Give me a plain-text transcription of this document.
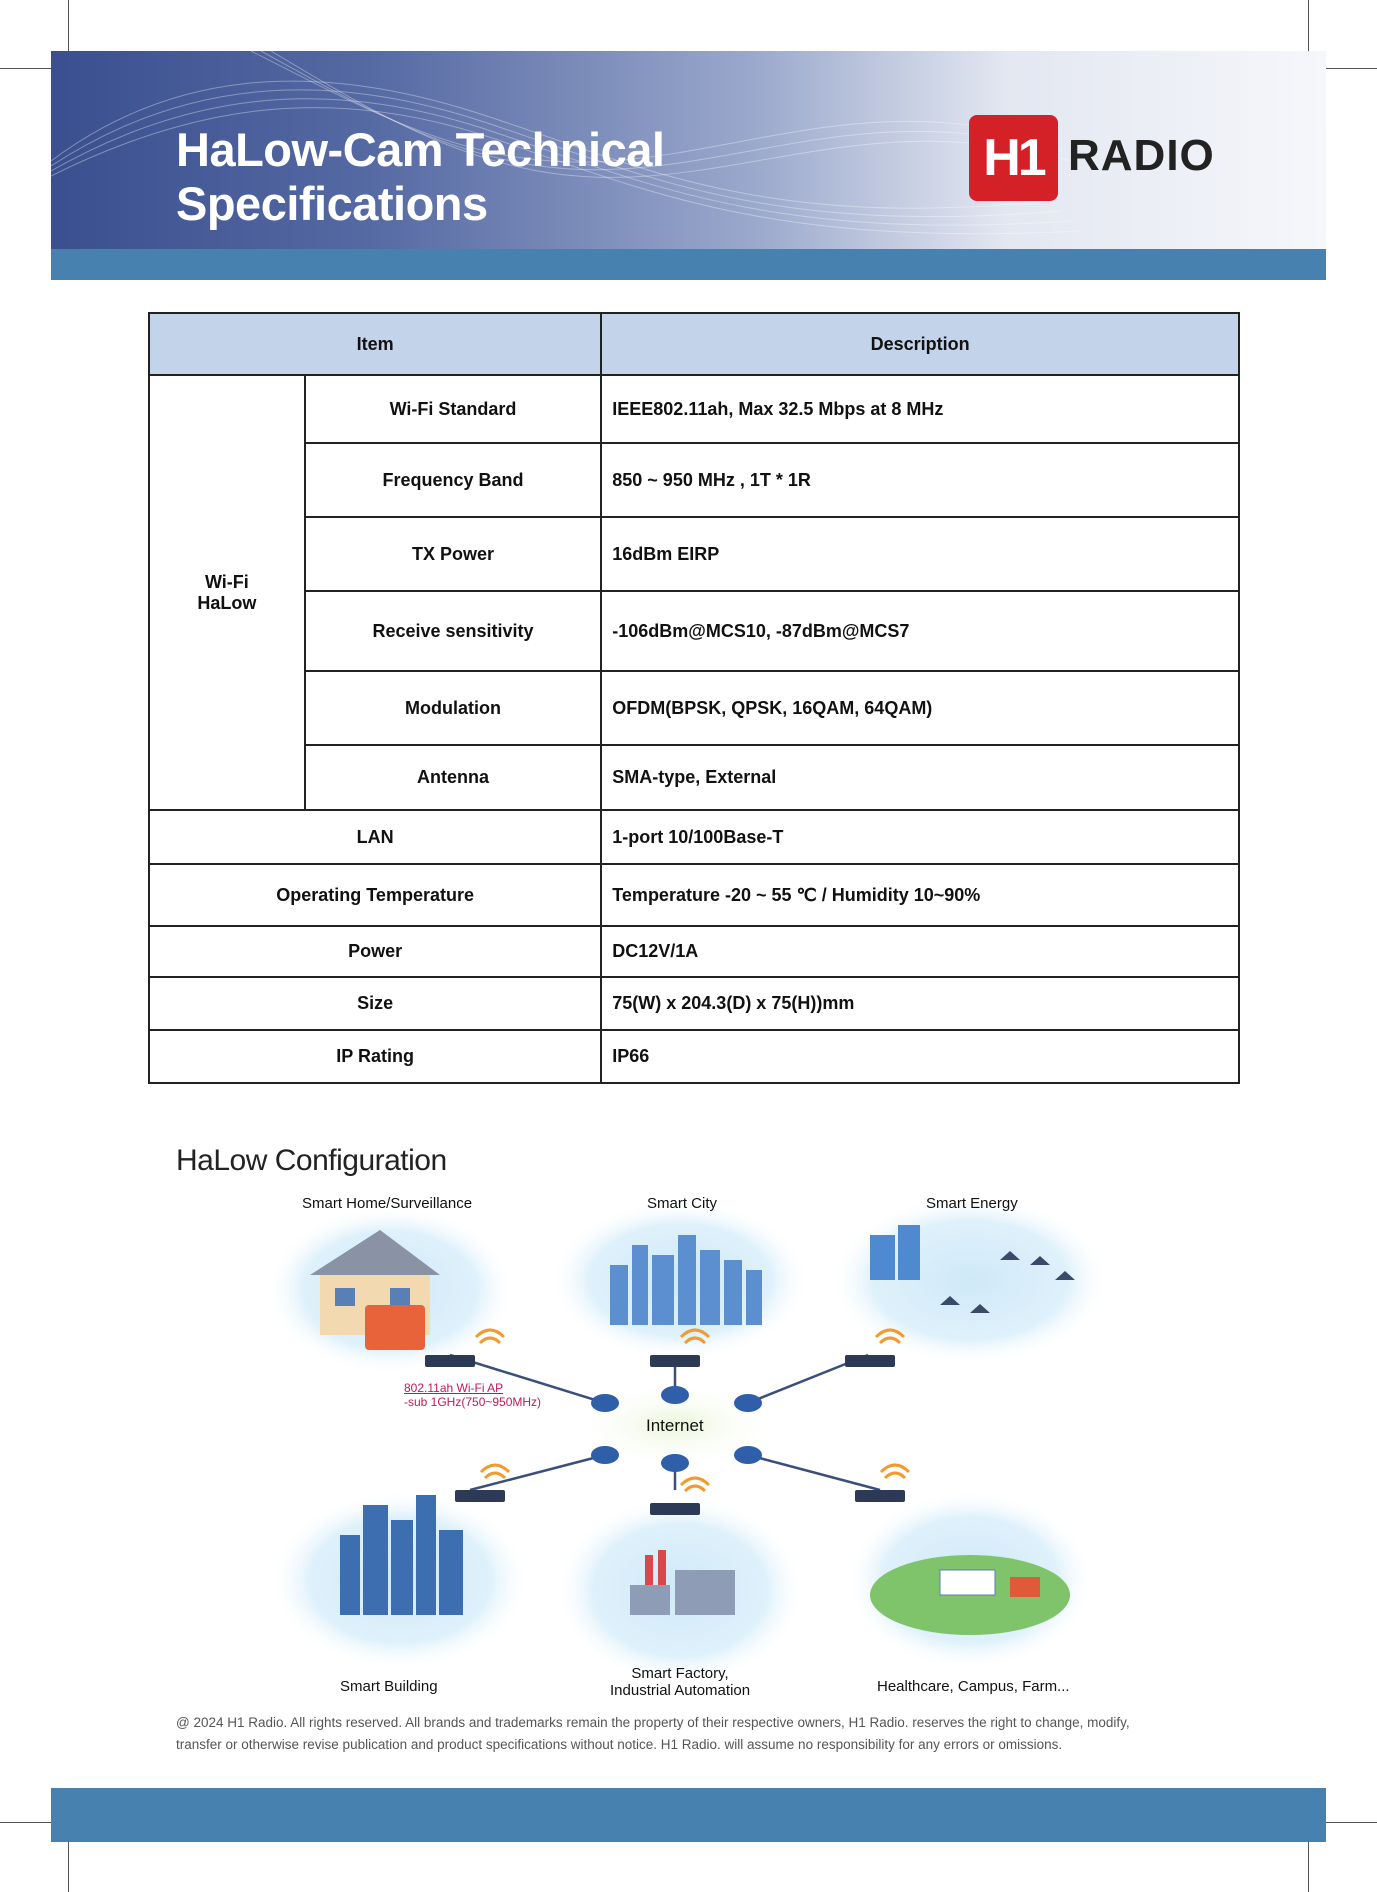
HaLow-Cam Technical
Specifications
H1 RADIO
Item		Description

Wi-Fi
HaLow	Wi-Fi Standard	IEEE802.11ah, Max 32.5 Mbps at 8 MHz
	Frequency Band	850 ~ 950 MHz , 1T * 1R
	TX Power	16dBm EIRP
	Receive sensitivity	-106dBm@MCS10, -87dBm@MCS7
	Modulation	OFDM(BPSK, QPSK, 16QAM, 64QAM)
	Antenna	SMA-type, External
LAN		1-port 10/100Base-T
Operating Temperature		Temperature -20 ~ 55 ℃ / Humidity 10~90%
Power		DC12V/1A
Size		75(W) x 204.3(D) x 75(H))mm
IP Rating		IP66
HaLow Configuration
Smart Home/Surveillance	Smart City	Smart Energy
802.11ah Wi-Fi AP
-sub 1GHz(750~950MHz)
Internet
Smart Building
Smart Factory,
Industrial Automation	Healthcare, Campus, Farm...
@ 2024 H1 Radio. All rights reserved. All brands and trademarks remain the property of their respective owners, H1 Radio. reserves the right to change, modify,
transfer or otherwise revise publication and product specifications without notice. H1 Radio. will assume no responsibility for any errors or omissions.
